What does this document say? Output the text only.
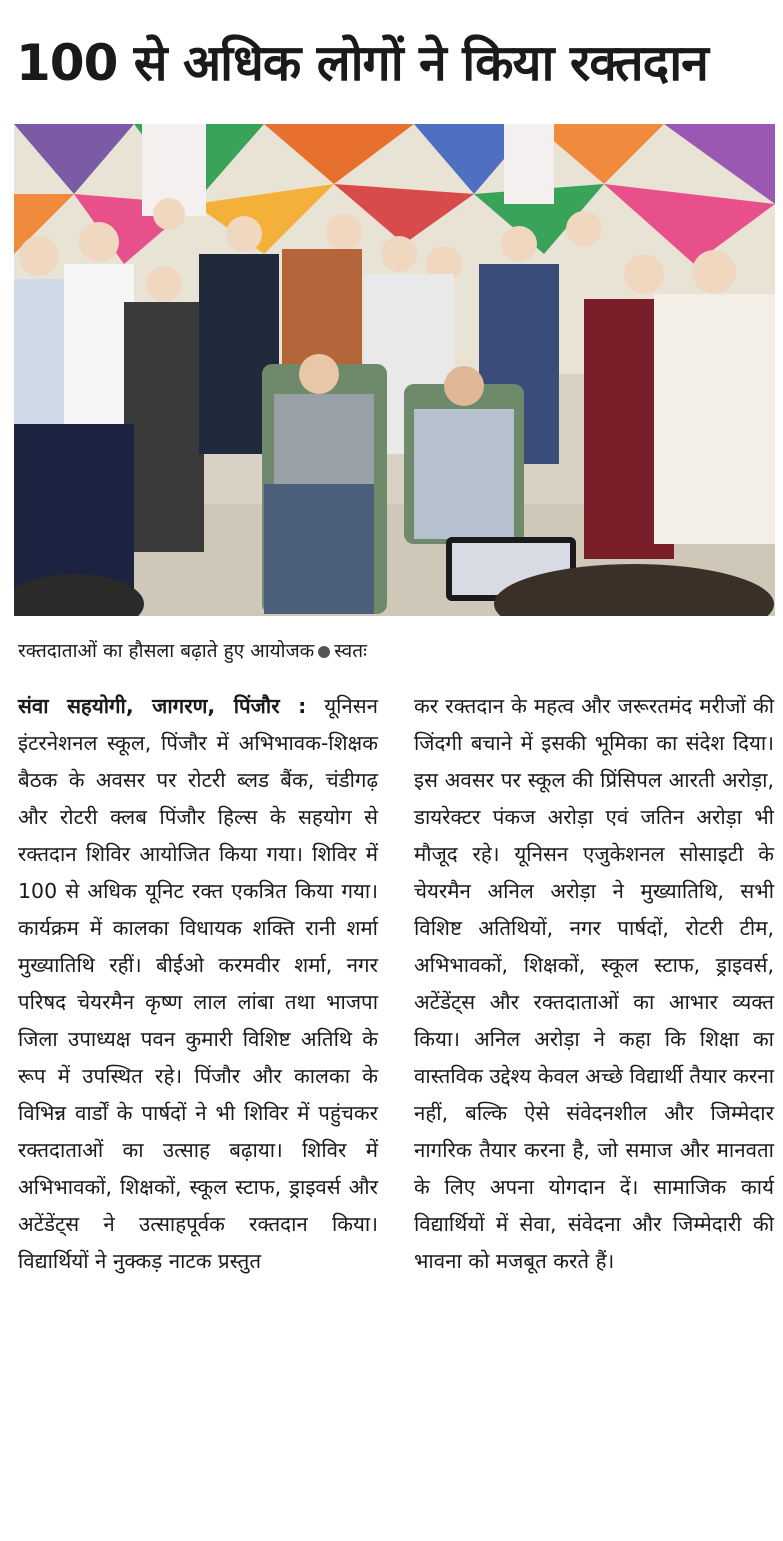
100 से अधिक लोगों ने किया रक्तदान
रक्तदाताओं का हौसला बढ़ाते हुए आयोजक स्वतः
संवा सहयोगी, जागरण, पिंजौर : यूनिसन इंटरनेशनल स्कूल, पिंजौर में अभिभावक-शिक्षक बैठक के अवसर पर रोटरी ब्लड बैंक, चंडीगढ़ और रोटरी क्लब पिंजौर हिल्स के सहयोग से रक्तदान शिविर आयोजित किया गया। शिविर में 100 से अधिक यूनिट रक्त एकत्रित किया गया। कार्यक्रम में कालका विधायक शक्ति रानी शर्मा मुख्यातिथि रहीं। बीईओ करमवीर शर्मा, नगर परिषद चेयरमैन कृष्ण लाल लांबा तथा भाजपा जिला उपाध्यक्ष पवन कुमारी विशिष्ट अतिथि के रूप में उपस्थित रहे। पिंजौर और कालका के विभिन्न वार्डों के पार्षदों ने भी शिविर में पहुंचकर रक्तदाताओं का उत्साह बढ़ाया। शिविर में अभिभावकों, शिक्षकों, स्कूल स्टाफ, ड्राइवर्स और अटेंडेंट्स ने उत्साहपूर्वक रक्तदान किया। विद्यार्थियों ने नुक्कड़ नाटक प्रस्तुत
कर रक्तदान के महत्व और जरूरतमंद मरीजों की जिंदगी बचाने में इसकी भूमिका का संदेश दिया। इस अवसर पर स्कूल की प्रिंसिपल आरती अरोड़ा, डायरेक्टर पंकज अरोड़ा एवं जतिन अरोड़ा भी मौजूद रहे। यूनिसन एजुकेशनल सोसाइटी के चेयरमैन अनिल अरोड़ा ने मुख्यातिथि, सभी विशिष्ट अतिथियों, नगर पार्षदों, रोटरी टीम, अभिभावकों, शिक्षकों, स्कूल स्टाफ, ड्राइवर्स, अटेंडेंट्स और रक्तदाताओं का आभार व्यक्त किया। अनिल अरोड़ा ने कहा कि शिक्षा का वास्तविक उद्देश्य केवल अच्छे विद्यार्थी तैयार करना नहीं, बल्कि ऐसे संवेदनशील और जिम्मेदार नागरिक तैयार करना है, जो समाज और मानवता के लिए अपना योगदान दें। सामाजिक कार्य विद्यार्थियों में सेवा, संवेदना और जिम्मेदारी की भावना को मजबूत करते हैं।
